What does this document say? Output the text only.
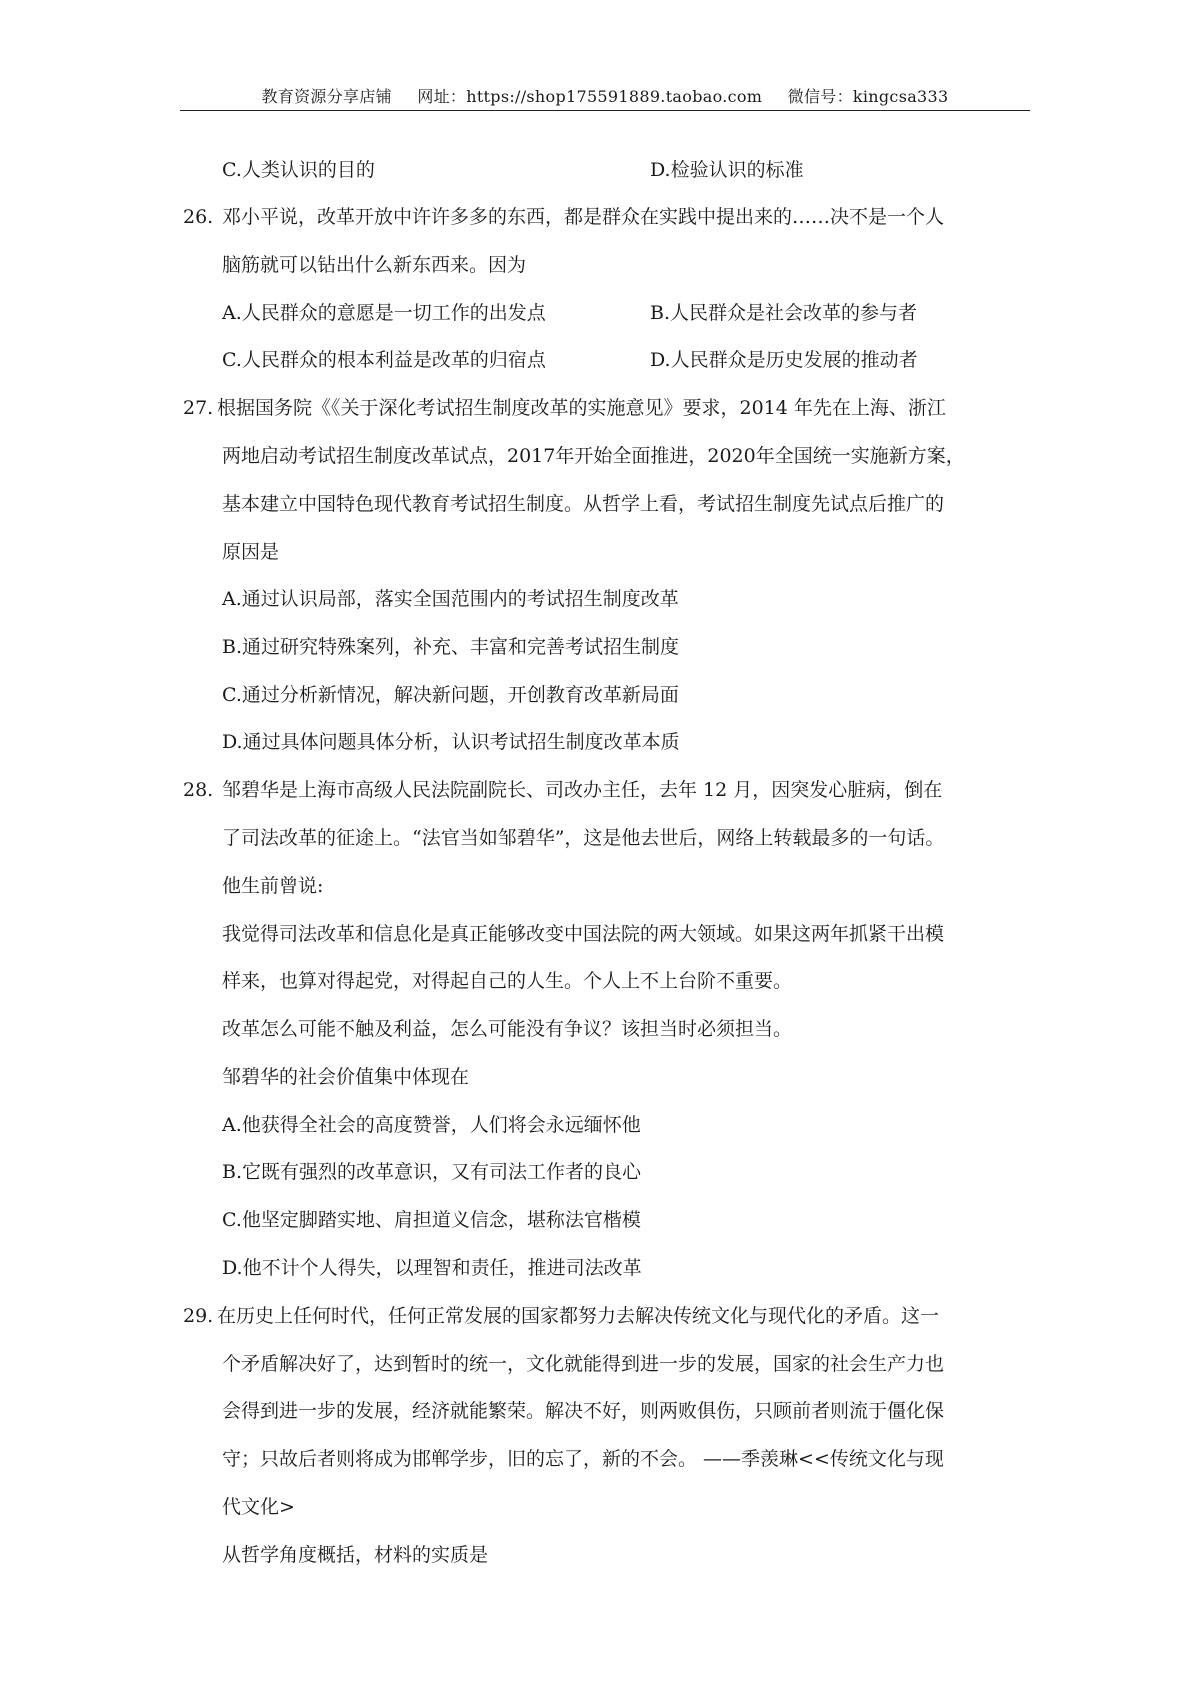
教育资源分享店铺 网址：https://shop175591889.taobao.com 微信号：kingcsa333
C.人类认识的目的	D.检验认识的标准
26. 邓小平说，改革开放中许许多多的东西，都是群众在实践中提出来的……决不是一个人
脑筋就可以钻出什么新东西来。因为
A.人民群众的意愿是一切工作的出发点	B.人民群众是社会改革的参与者
C.人民群众的根本利益是改革的归宿点	D.人民群众是历史发展的推动者
27. 根据国务院《《关于深化考试招生制度改革的实施意见》要求，2014 年先在上海、浙江
两地启动考试招生制度改革试点，2017年开始全面推进，2020年全国统一实施新方案，
基本建立中国特色现代教育考试招生制度。从哲学上看，考试招生制度先试点后推广的
原因是
A.通过认识局部，落实全国范围内的考试招生制度改革
B.通过研究特殊案列，补充、丰富和完善考试招生制度
C.通过分析新情况，解决新问题，开创教育改革新局面
D.通过具体问题具体分析，认识考试招生制度改革本质
28. 邹碧华是上海市高级人民法院副院长、司改办主任，去年 12 月，因突发心脏病，倒在
了司法改革的征途上。“法官当如邹碧华”，这是他去世后，网络上转载最多的一句话。
他生前曾说:
我觉得司法改革和信息化是真正能够改变中国法院的两大领域。如果这两年抓紧干出模
样来，也算对得起党，对得起自己的人生。个人上不上台阶不重要。
改革怎么可能不触及利益，怎么可能没有争议？该担当时必须担当。
邹碧华的社会价值集中体现在
A.他获得全社会的高度赞誉，人们将会永远缅怀他
B.它既有强烈的改革意识，又有司法工作者的良心
C.他坚定脚踏实地、肩担道义信念，堪称法官楷模
D.他不计个人得失，以理智和责任，推进司法改革
29. 在历史上任何时代，任何正常发展的国家都努力去解决传统文化与现代化的矛盾。这一
个矛盾解决好了，达到暂时的统一，文化就能得到进一步的发展，国家的社会生产力也
会得到进一步的发展，经济就能繁荣。解决不好，则两败俱伤，只顾前者则流于僵化保
守；只故后者则将成为邯郸学步，旧的忘了，新的不会。 ——季羡琳<<传统文化与现
代文化>
从哲学角度概括，材料的实质是
